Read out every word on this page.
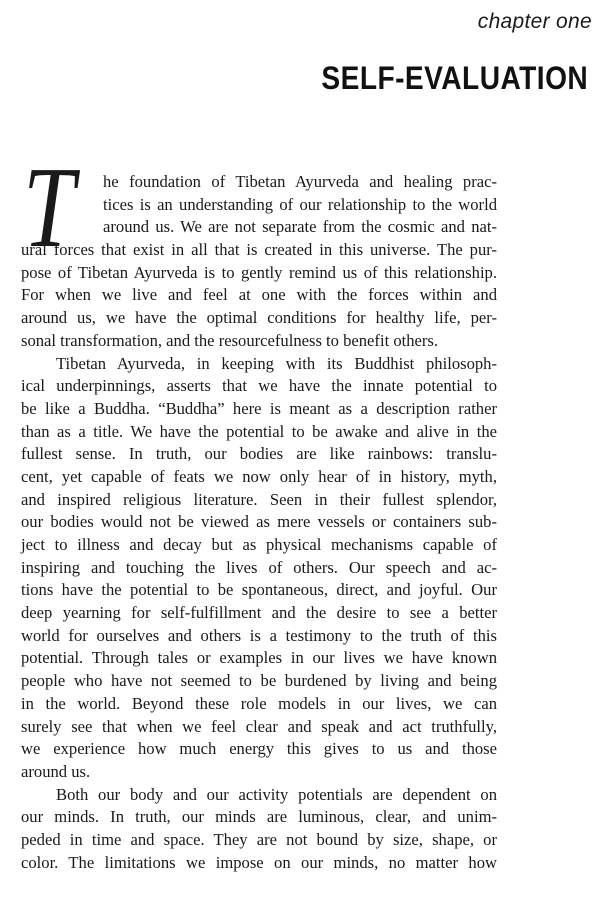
chapter one
SELF-EVALUATION
T	he foundation of Tibetan Ayurveda and healing prac-
tices is an understanding of our relationship to the world
around us. We are not separate from the cosmic and nat-
ural forces that exist in all that is created in this universe. The pur-
pose of Tibetan Ayurveda is to gently remind us of this relationship.
For when we live and feel at one with the forces within and
around us, we have the optimal conditions for healthy life, per-
sonal transformation, and the resourcefulness to benefit others.
Tibetan Ayurveda, in keeping with its Buddhist philosoph-
ical underpinnings, asserts that we have the innate potential to
be like a Buddha. “Buddha” here is meant as a description rather
than as a title. We have the potential to be awake and alive in the
fullest sense. In truth, our bodies are like rainbows: translu-
cent, yet capable of feats we now only hear of in history, myth,
and inspired religious literature. Seen in their fullest splendor,
our bodies would not be viewed as mere vessels or containers sub-
ject to illness and decay but as physical mechanisms capable of
inspiring and touching the lives of others. Our speech and ac-
tions have the potential to be spontaneous, direct, and joyful. Our
deep yearning for self-fulfillment and the desire to see a better
world for ourselves and others is a testimony to the truth of this
potential. Through tales or examples in our lives we have known
people who have not seemed to be burdened by living and being
in the world. Beyond these role models in our lives, we can
surely see that when we feel clear and speak and act truthfully,
we experience how much energy this gives to us and those
around us.
Both our body and our activity potentials are dependent on
our minds. In truth, our minds are luminous, clear, and unim-
peded in time and space. They are not bound by size, shape, or
color. The limitations we impose on our minds, no matter how
